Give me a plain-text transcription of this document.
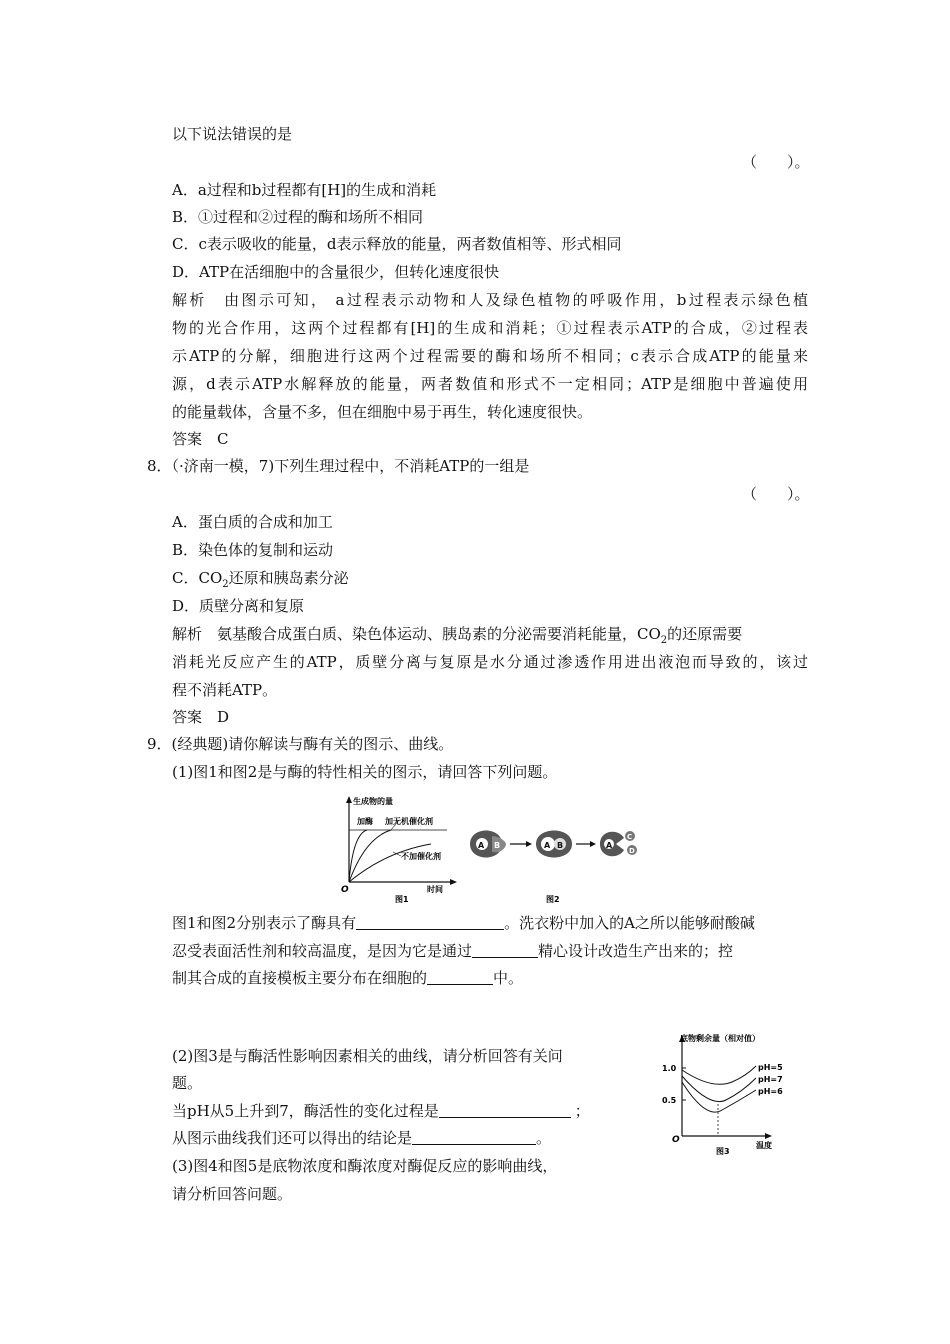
以下说法错误的是
（　　）。
A．a过程和b过程都有[H]的生成和消耗
B．①过程和②过程的酶和场所不相同
C．c表示吸收的能量，d表示释放的能量，两者数值相等、形式相同
D．ATP在活细胞中的含量很少，但转化速度很快
解析　由图示可知， a过程表示动物和人及绿色植物的呼吸作用，b过程表示绿色植
物的光合作用，这两个过程都有[H]的生成和消耗；①过程表示ATP的合成，②过程表
示ATP的分解，细胞进行这两个过程需要的酶和场所不相同；c表示合成ATP的能量来
源，d表示ATP水解释放的能量，两者数值和形式不一定相同；ATP是细胞中普遍使用
的能量载体，含量不多，但在细胞中易于再生，转化速度很快。
答案　C
8．（·济南一模，7)下列生理过程中，不消耗ATP的一组是
（　　）。
A．蛋白质的合成和加工
B．染色体的复制和运动
C．$CO_2$还原和胰岛素分泌
D．质壁分离和复原
解析　氨基酸合成蛋白质、染色体运动、胰岛素的分泌需要消耗能量，$CO_2$的还原需要
消耗光反应产生的ATP，质壁分离与复原是水分通过渗透作用进出液泡而导致的，该过
程不消耗ATP。
答案　D
9．(经典题)请你解读与酶有关的图示、曲线。
(1)图1和图2是与酶的特性相关的图示，请回答下列问题。
生成物的量
加酶 加无机催化剂
不加催化剂
O	时间
图1
A B	A B	A
C
D
图2
图1和图2分别表示了酶具有	。洗衣粉中加入的A之所以能够耐酸碱
忍受表面活性剂和较高温度，是因为它是通过	精心设计改造生产出来的；控
制其合成的直接模板主要分布在细胞的	中。
(2)图3是与酶活性影响因素相关的曲线，请分析回答有关问
题。
当pH从5上升到7，酶活性的变化过程是	；
从图示曲线我们还可以得出的结论是	。
(3)图4和图5是底物浓度和酶浓度对酶促反应的影响曲线，
请分析回答问题。
底物剩余量（相对值）
1.0
0.5
pH=5
pH=7
pH=6
O
温度
图3
